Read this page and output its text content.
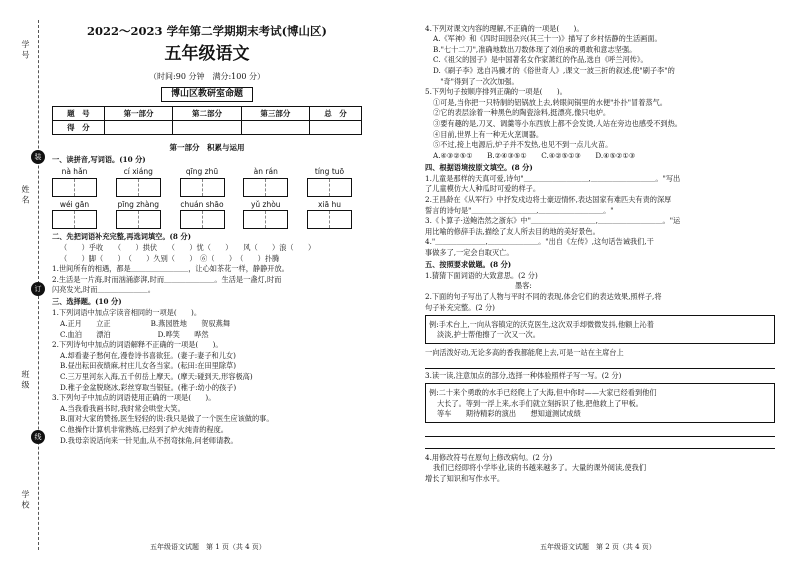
学 号
装
姓 名
订
班 级
线
学 校
2022～2023 学年第二学期期末考试(博山区)
五年级语文
（时间:90 分钟　满分:100 分）
博山区教研室命题
题　号	第一部分	第二部分	第三部分	总　分
得　分				
第一部分　积累与运用
一、读拼音,写词语。(10 分)
nà hǎn	cí xiáng	qīng zhū	àn rán	tíng tuō
wéi gān	pīng zhàng	chuán shāo	yǔ zhòu	xiā hu
二、先把词语补充完整,再选词填空。(8 分)
（　　）乎收　　（　　）拱伏　　（　　）忧（　　）　　风（　　）浪（　　）
（　　）脚（　　）　（　　）久别（　　）　⑥（　　）　（　　）扑腾
1.世间所有的相遇，都是＿＿＿＿＿＿＿＿，让心如茶花一样，静静开放。
2.生活是一片海,时而汹涌澎湃,时而＿＿＿＿＿＿＿。生活是一盏灯,时而
闪亮发光,时而＿＿＿＿＿＿＿。
三、选择题。(10 分)
1.下列词语中加点字读音相同的一项是(　　)。
A.正月　　立正	B.燕园胜地　　贺驭燕舞
C.血泊　　漂泊	D.哗笑　　哗然
2.下列诗句中加点的词语解释不正确的一项是(　　)。
A.却看妻子愁何在,漫卷诗书喜欲狂。(妻子:妻子和儿女)
B.昼出耘田夜绩麻,村庄儿女各当家。(耘田:在田里除草)
C.三万里河东入海,五千仞岳上摩天。(摩天:碰到天,形容极高)
D.稚子金盆脱晓冰,彩丝穿取当银钲。(稚子:幼小的孩子)
3.下列句子中加点的词语使用正确的一项是(　　)。
A.当我看我画书时,我时常会哄堂大笑。
B.面对大家的赞扬,医生轻轻的说:我只是做了一个医生应该做的事。
C.他操作计算机非常熟练,已经到了炉火纯青的程度。
D.我母亲说话向来一针见血,从不拐弯抹角,问老师请教。
五年级语文试题　第 1 页（共 4 页）
4.下列对课文内容的理解,不正确的一项是(　　)。
A.《军神》和《四时田园杂兴(其三十一)》描写了乡村恬静的生活画面。
B."七十二刀",准确地数出刀数体现了刘伯承的勇敢和意志坚强。
C.《祖父的园子》是中国著名女作家萧红的作品,选自《呼兰河传》。
D.《刷子李》选自冯骥才的《俗世奇人》,课文一波三折的叙述,使"刷子李"的
　"奇"得到了一次次加强。
5.下列句子按顺序排列正确的一项是(　　)。
①可是,当你把一只特制的铝锅放上去,转眼间锅里的水便"扑扑"冒着蒸气。
②它的表层涂着一种黑色的陶瓷涂料,挺漂亮,像只电炉。
③要有趣的是,刀叉、调羹等小东西放上都不会发烫,人站在旁边也感受不到热。
④目前,世界上有一种无火烹调器。
⑤不过,接上电源后,炉子并不发热,也见不到一点儿火苗。
A.④③②⑤①　　B.②④③⑤①　　C.④②⑤①③　　D.④⑤②①③
四、根据语境按原文填空。(8 分)
1.儿童是那样的天真可爱,诗句"＿＿＿＿＿＿＿＿＿,＿＿＿＿＿＿＿＿＿。"写出
了儿童模仿大人种瓜时可爱的样子。
2.王昌龄在《从军行》中抒发戍边将士豪迈情怀,表达国家有难匹夫有责的深厚
誓言的诗句是"＿＿＿＿＿＿＿＿＿,＿＿＿＿＿＿＿＿＿。"
3.《卜算子·送鲍浩然之浙东》中"＿＿＿＿＿＿＿＿＿,＿＿＿＿＿＿＿＿＿。"运
用比喻的修辞手法,描绘了友人所去目的地的美好景色。
4."＿＿＿＿＿＿＿,＿＿＿＿＿＿＿。"出自《左传》,这句话告诫我们,干
事做多了,一定会自取灭亡。
五、按照要求做题。(8 分)
1.猜猜下面词语的大致意思。(2 分)
墨客:
2.下面的句子写出了人物与平时不同的表现,体会它们的表达效果,照样子,将
句子补充完整。(2 分)
例:手术台上,一向从容镇定的沃克医生,这次双手却微微发抖,他额上沁着
淡淡,护士帮他擦了一次又一次。
一向活泼好动,无论多高的香我都能爬上去,可是一站在主席台上
3.读一读,注意加点的部分,选择一种体验照样子写一写。(2 分)
例:二十来个勇敢的水手已经爬上了大海,但中你时——大家已经看到他们
大长了。等到一浮上来,水手们就立刻拆识了他,把他救上了甲板。
等车　　期待精彩的演出　　想知道测试成绩
4.用修改符号在原句上修改病句。(2 分)
我们已经即将小学毕业,读的书越来越多了。大量的课外阅读,使我们
增长了知识和写作水平。
五年级语文试题　第 2 页（共 4 页）
